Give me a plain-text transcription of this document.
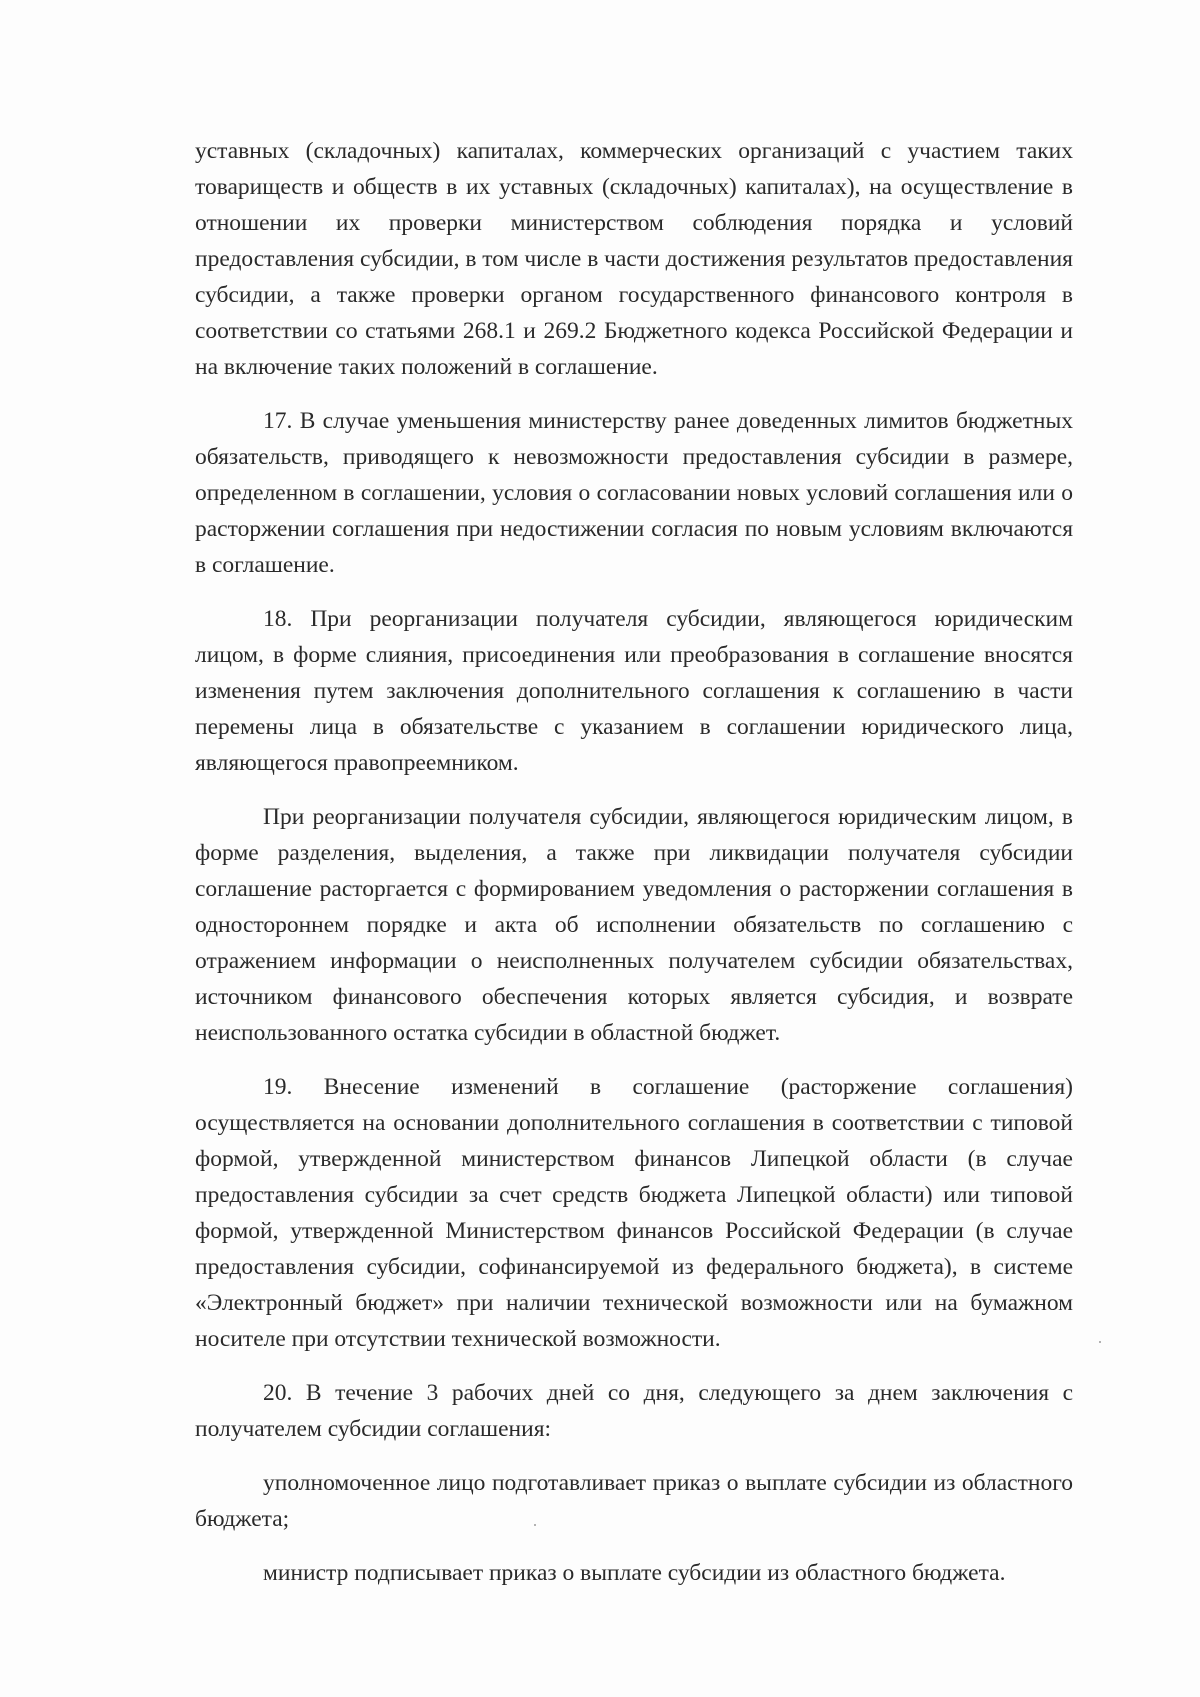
уставных (складочных) капиталах, коммерческих организаций с участием таких товариществ и обществ в их уставных (складочных) капиталах), на осуществление в отношении их проверки министерством соблюдения порядка и условий предоставления субсидии, в том числе в части достижения результатов предоставления субсидии, а также проверки органом государственного финансового контроля в соответствии со статьями 268.1 и 269.2 Бюджетного кодекса Российской Федерации и на включение таких положений в соглашение.

17. В случае уменьшения министерству ранее доведенных лимитов бюджетных обязательств, приводящего к невозможности предоставления субсидии в размере, определенном в соглашении, условия о согласовании новых условий соглашения или о расторжении соглашения при недостижении согласия по новым условиям включаются в соглашение.

18. При реорганизации получателя субсидии, являющегося юридическим лицом, в форме слияния, присоединения или преобразования в соглашение вносятся изменения путем заключения дополнительного соглашения к соглашению в части перемены лица в обязательстве с указанием в соглашении юридического лица, являющегося правопреемником.

При реорганизации получателя субсидии, являющегося юридическим лицом, в форме разделения, выделения, а также при ликвидации получателя субсидии соглашение расторгается с формированием уведомления о расторжении соглашения в одностороннем порядке и акта об исполнении обязательств по соглашению с отражением информации о неисполненных получателем субсидии обязательствах, источником финансового обеспечения которых является субсидия, и возврате неиспользованного остатка субсидии в областной бюджет.

19. Внесение изменений в соглашение (расторжение соглашения) осуществляется на основании дополнительного соглашения в соответствии с типовой формой, утвержденной министерством финансов Липецкой области (в случае предоставления субсидии за счет средств бюджета Липецкой области) или типовой формой, утвержденной Министерством финансов Российской Федерации (в случае предоставления субсидии, софинансируемой из федерального бюджета), в системе «Электронный бюджет» при наличии технической возможности или на бумажном носителе при отсутствии технической возможности.

20. В течение 3 рабочих дней со дня, следующего за днем заключения с получателем субсидии соглашения:

уполномоченное лицо подготавливает приказ о выплате субсидии из областного бюджета;

министр подписывает приказ о выплате субсидии из областного бюджета.
